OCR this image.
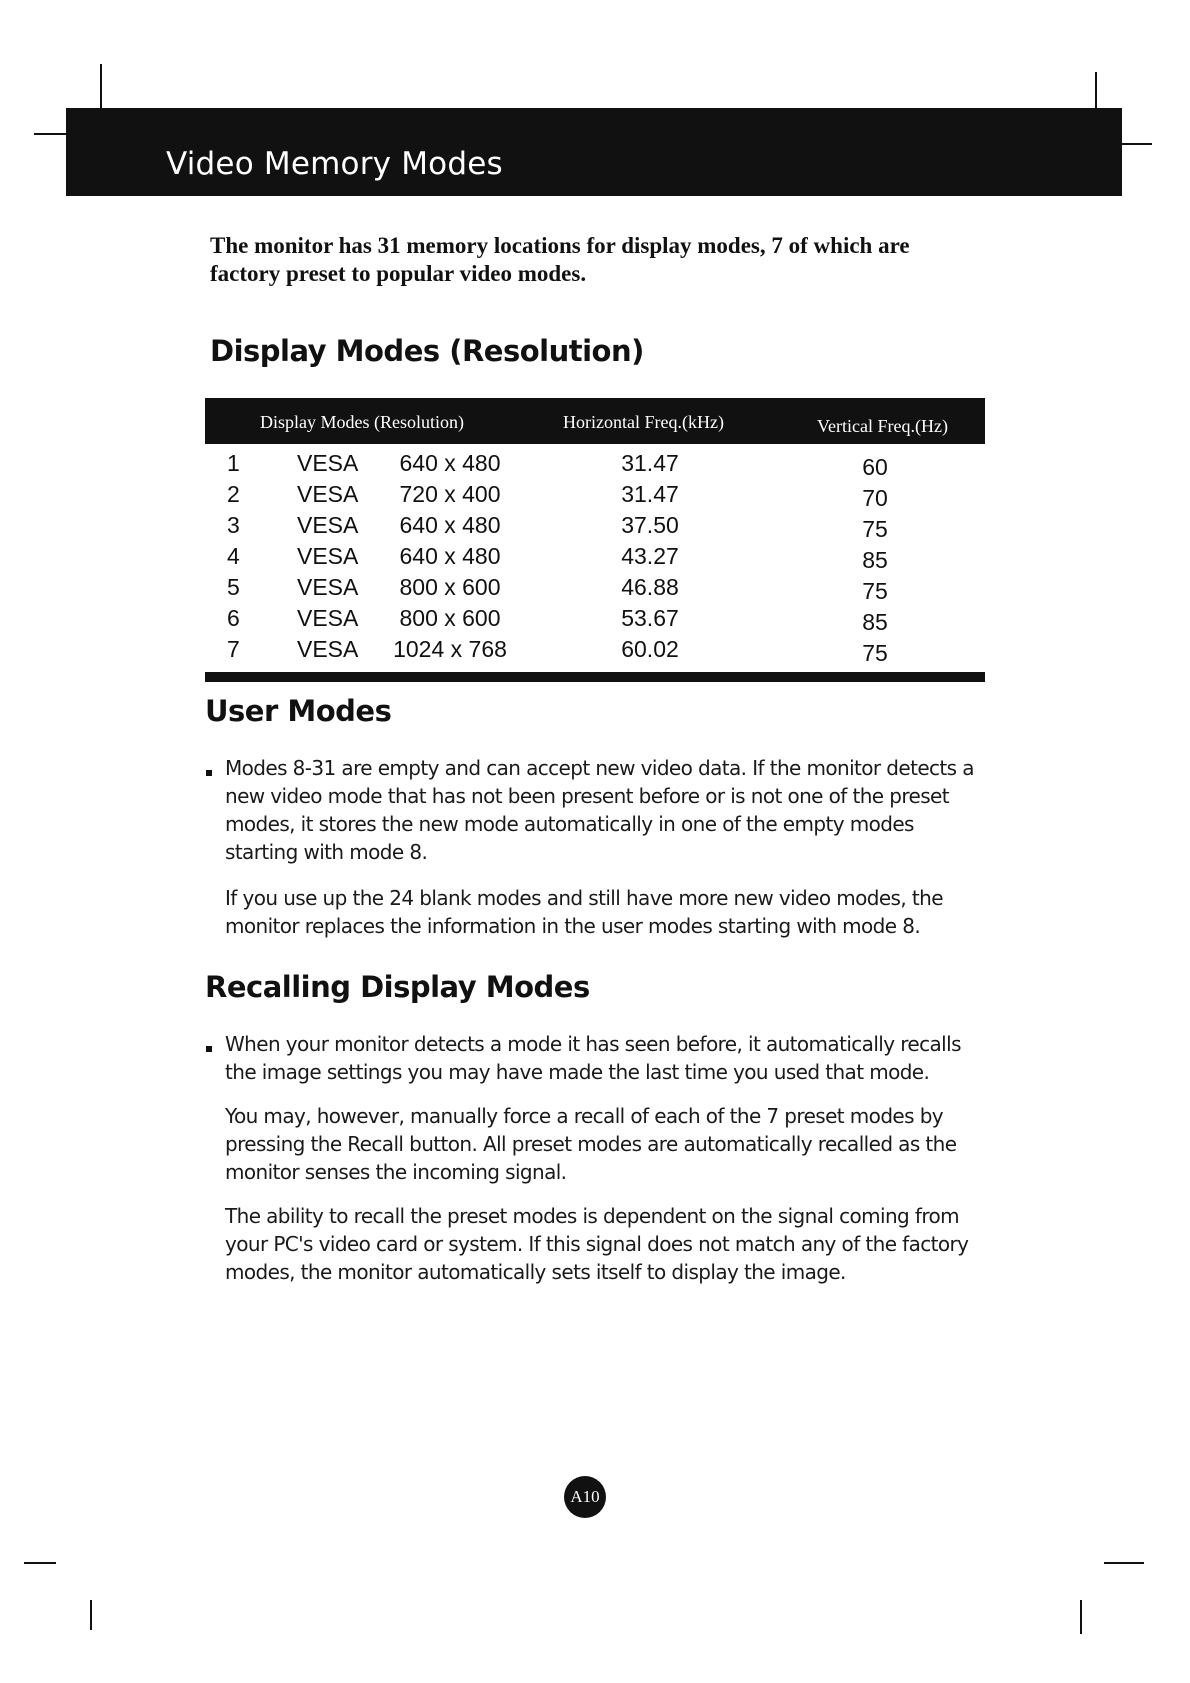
Video Memory Modes

The monitor has 31 memory locations for display modes, 7 of which are factory preset to popular video modes.

Display Modes (Resolution)
Display Modes (Resolution)	Horizontal Freq.(kHz)	Vertical Freq.(Hz)
1 VESA	640 x 480	31.47	60
2 VESA	720 x 400	31.47	70
3 VESA	640 x 480	37.50	75
4 VESA	640 x 480	43.27	85
5 VESA	800 x 600	46.88	75
6 VESA	800 x 600	53.67	85
7 VESA	1024 x 768	60.02	75
User Modes

Modes 8-31 are empty and can accept new video data. If the monitor detects a new video mode that has not been present before or is not one of the preset modes, it stores the new mode automatically in one of the empty modes starting with mode 8.

If you use up the 24 blank modes and still have more new video modes, the monitor replaces the information in the user modes starting with mode 8.

Recalling Display Modes

When your monitor detects a mode it has seen before, it automatically recalls the image settings you may have made the last time you used that mode.

You may, however, manually force a recall of each of the 7 preset modes by pressing the Recall button. All preset modes are automatically recalled as the monitor senses the incoming signal.

The ability to recall the preset modes is dependent on the signal coming from your PC's video card or system. If this signal does not match any of the factory modes, the monitor automatically sets itself to display the image.

A10
